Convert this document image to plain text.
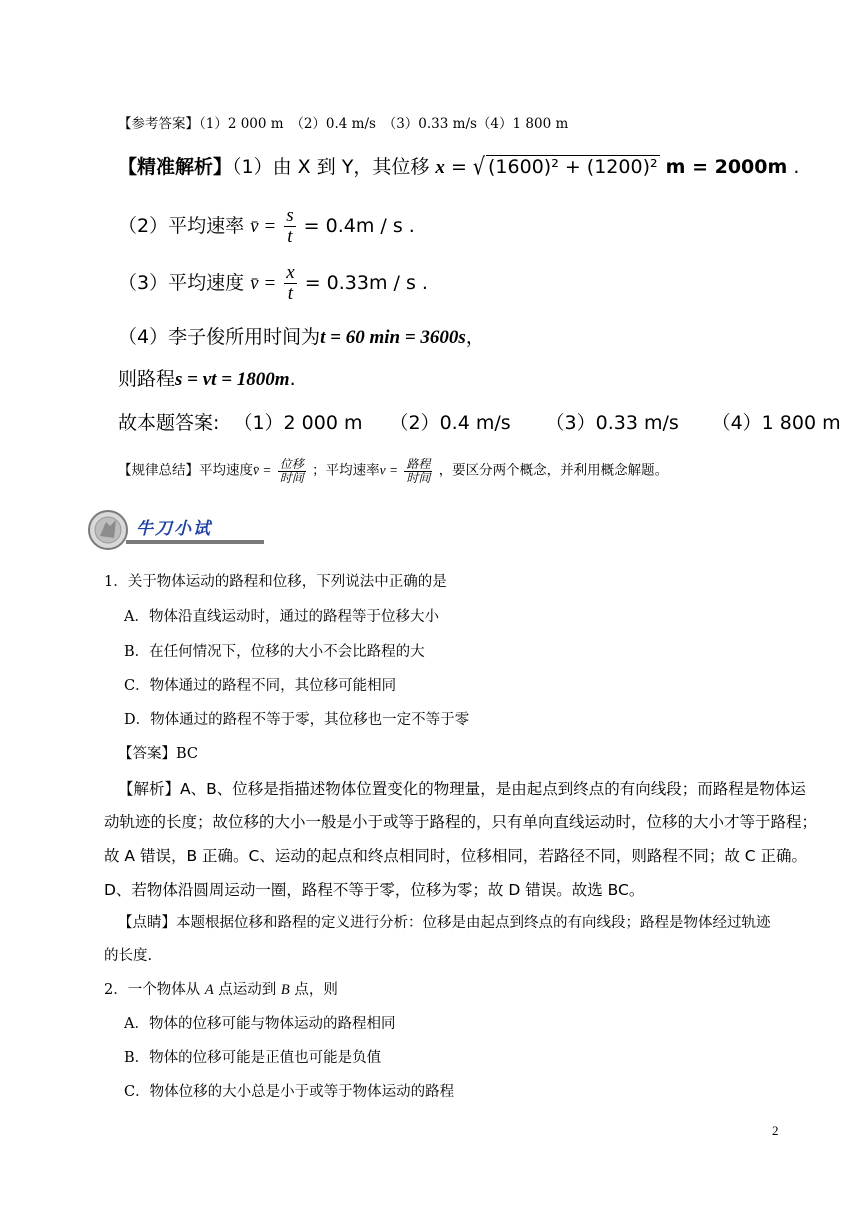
【参考答案】（1）2 000 m　（2）0.4 m/s　（3）0.33 m/s（4）1 800 m
【精准解析】（1）由 X 到 Y，其位移 x = √ (1600)² + (1200)² m = 2000m .
（2）平均速率 v̄ = $\frac{s}{t} = 0.4m / s$ .
（3）平均速度 v̄ = $\frac{x}{t} = 0.33m / s$ .
（4）李子俊所用时间为t = 60 min = 3600s，
则路程s = vt = 1800m.
故本题答案: （1）2 000 m （2）0.4 m/s （3）0.33 m/s （4）1 800 m
【规律总结】平均速度v̄ = $\frac{\text{位移}}{\text{时间}}$ ；平均速率$v = \frac{\text{路程}}{\text{时间}}$ ，要区分两个概念，并利用概念解题。
牛刀小试
1．关于物体运动的路程和位移，下列说法中正确的是
A．物体沿直线运动时，通过的路程等于位移大小
B．在任何情况下，位移的大小不会比路程的大
C．物体通过的路程不同，其位移可能相同
D．物体通过的路程不等于零，其位移也一定不等于零
【答案】BC
【解析】A、B、位移是指描述物体位置变化的物理量，是由起点到终点的有向线段；而路程是物体运
动轨迹的长度；故位移的大小一般是小于或等于路程的，只有单向直线运动时，位移的大小才等于路程；
故 A 错误，B 正确。C、运动的起点和终点相同时，位移相同，若路径不同，则路程不同；故 C 正确。
D、若物体沿圆周运动一圈，路程不等于零，位移为零；故 D 错误。故选 BC。
【点睛】本题根据位移和路程的定义进行分析：位移是由起点到终点的有向线段；路程是物体经过轨迹
的长度.
2．一个物体从 A 点运动到 B 点，则
A．物体的位移可能与物体运动的路程相同
B．物体的位移可能是正值也可能是负值
C．物体位移的大小总是小于或等于物体运动的路程
2
